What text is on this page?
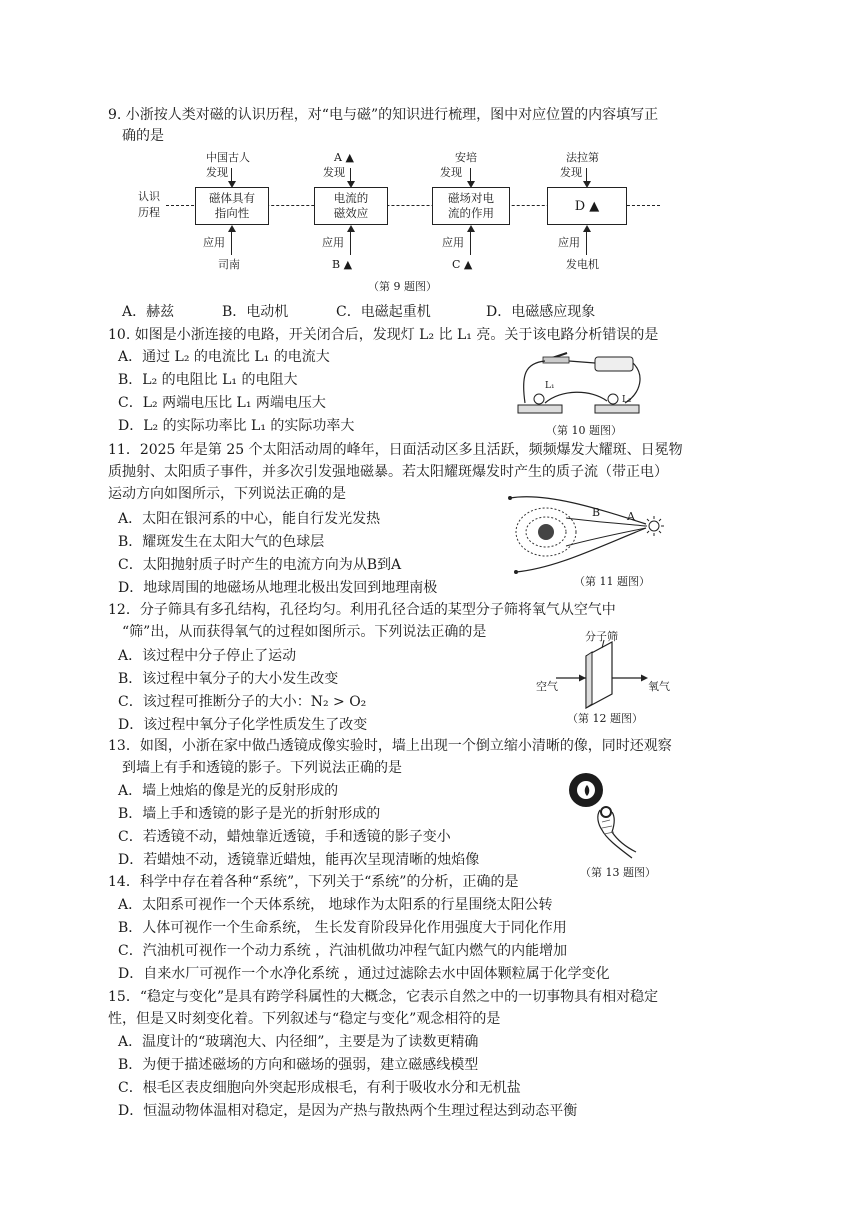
9. 小浙按人类对磁的认识历程，对“电与磁”的知识进行梳理，图中对应位置的内容填写正
确的是
认识
历程
中国古人
发现
A ▲
发现
安培
发现
法拉第
发现
磁体具有
指向性
电流的
磁效应
磁场对电
流的作用	D ▲
应用	应用	应用	应用
司南	B ▲	C ▲	发电机
（第 9 题图）
A．赫兹	B．电动机	C．电磁起重机	D．电磁感应现象
10. 如图是小浙连接的电路，开关闭合后，发现灯 L₂ 比 L₁ 亮。关于该电路分析错误的是
A．通过 L₂ 的电流比 L₁ 的电流大
B．L₂ 的电阻比 L₁ 的电阻大
C．L₂ 两端电压比 L₁ 两端电压大
D．L₂ 的实际功率比 L₁ 的实际功率大
L₁
L₂
（第 10 题图）
11．2025 年是第 25 个太阳活动周的峰年，日面活动区多且活跃，频频爆发大耀斑、日冕物
质抛射、太阳质子事件，并多次引发强地磁暴。若太阳耀斑爆发时产生的质子流（带正电）
运动方向如图所示，下列说法正确的是
A．太阳在银河系的中心，能自行发光发热
B．耀斑发生在太阳大气的色球层
C．太阳抛射质子时产生的电流方向为从B到A
D．地球周围的地磁场从地理北极出发回到地理南极
B A
（第 11 题图）
12．分子筛具有多孔结构，孔径均匀。利用孔径合适的某型分子筛将氧气从空气中
“筛”出，从而获得氧气的过程如图所示。下列说法正确的是
A．该过程中分子停止了运动
B．该过程中氧分子的大小发生改变
C．该过程可推断分子的大小：N₂ > O₂
D．该过程中氧分子化学性质发生了改变
分子筛
空气	氧气
（第 12 题图）
13．如图，小浙在家中做凸透镜成像实验时，墙上出现一个倒立缩小清晰的像，同时还观察
到墙上有手和透镜的影子。下列说法正确的是
A．墙上烛焰的像是光的反射形成的
B．墙上手和透镜的影子是光的折射形成的
C．若透镜不动，蜡烛靠近透镜，手和透镜的影子变小
D．若蜡烛不动，透镜靠近蜡烛，能再次呈现清晰的烛焰像
（第 13 题图）
14．科学中存在着各种“系统”，下列关于“系统”的分析，正确的是
A．太阳系可视作一个天体系统， 地球作为太阳系的行星围绕太阳公转
B．人体可视作一个生命系统， 生长发育阶段异化作用强度大于同化作用
C．汽油机可视作一个动力系统 ，汽油机做功冲程气缸内燃气的内能增加
D．自来水厂可视作一个水净化系统 ，通过过滤除去水中固体颗粒属于化学变化
15．“稳定与变化”是具有跨学科属性的大概念，它表示自然之中的一切事物具有相对稳定
性，但是又时刻变化着。下列叙述与“稳定与变化”观念相符的是
A．温度计的“玻璃泡大、内径细”，主要是为了读数更精确
B．为便于描述磁场的方向和磁场的强弱，建立磁感线模型
C．根毛区表皮细胞向外突起形成根毛，有利于吸收水分和无机盐
D．恒温动物体温相对稳定，是因为产热与散热两个生理过程达到动态平衡
